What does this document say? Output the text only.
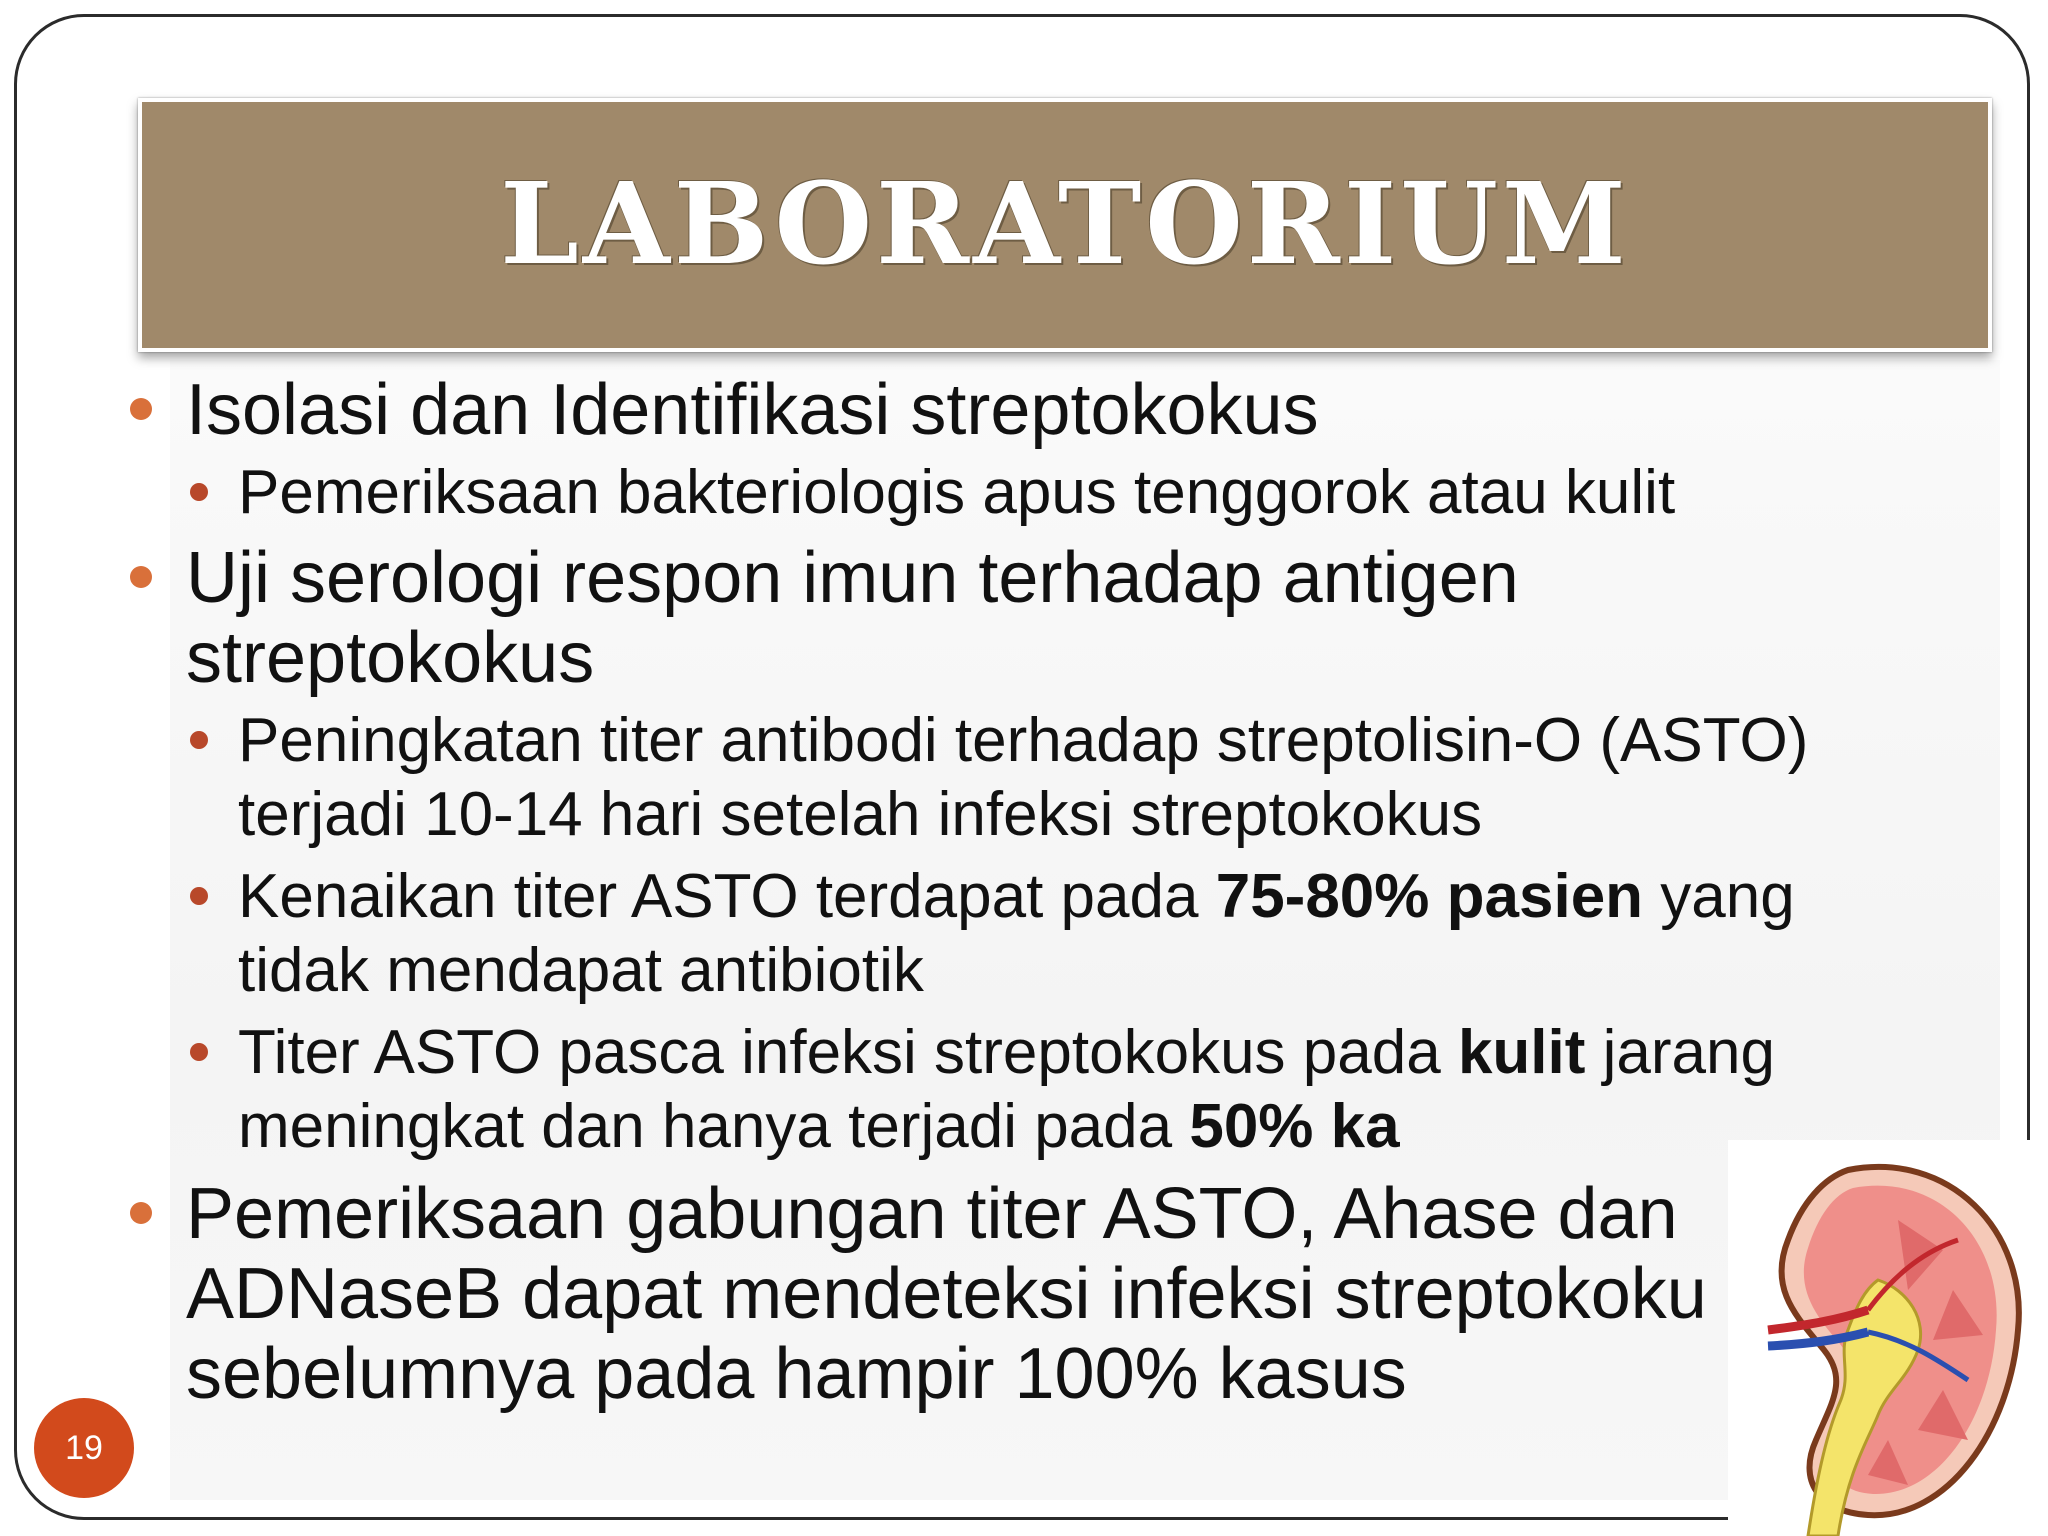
LABORATORIUM
Isolasi dan Identifikasi streptokokus
Pemeriksaan bakteriologis apus tenggorok atau kulit
Uji serologi respon imun terhadap antigen streptokokus
Peningkatan titer antibodi terhadap streptolisin-O (ASTO) terjadi 10-14 hari setelah infeksi streptokokus
Kenaikan titer ASTO terdapat pada 75-80% pasien yang tidak mendapat antibiotik
Titer ASTO pasca infeksi streptokokus pada kulit jarang meningkat dan hanya terjadi pada 50% ka
Pemeriksaan gabungan titer ASTO, Ahase dan ADNaseB dapat mendeteksi infeksi streptokoku sebelumnya pada hampir 100% kasus
19
